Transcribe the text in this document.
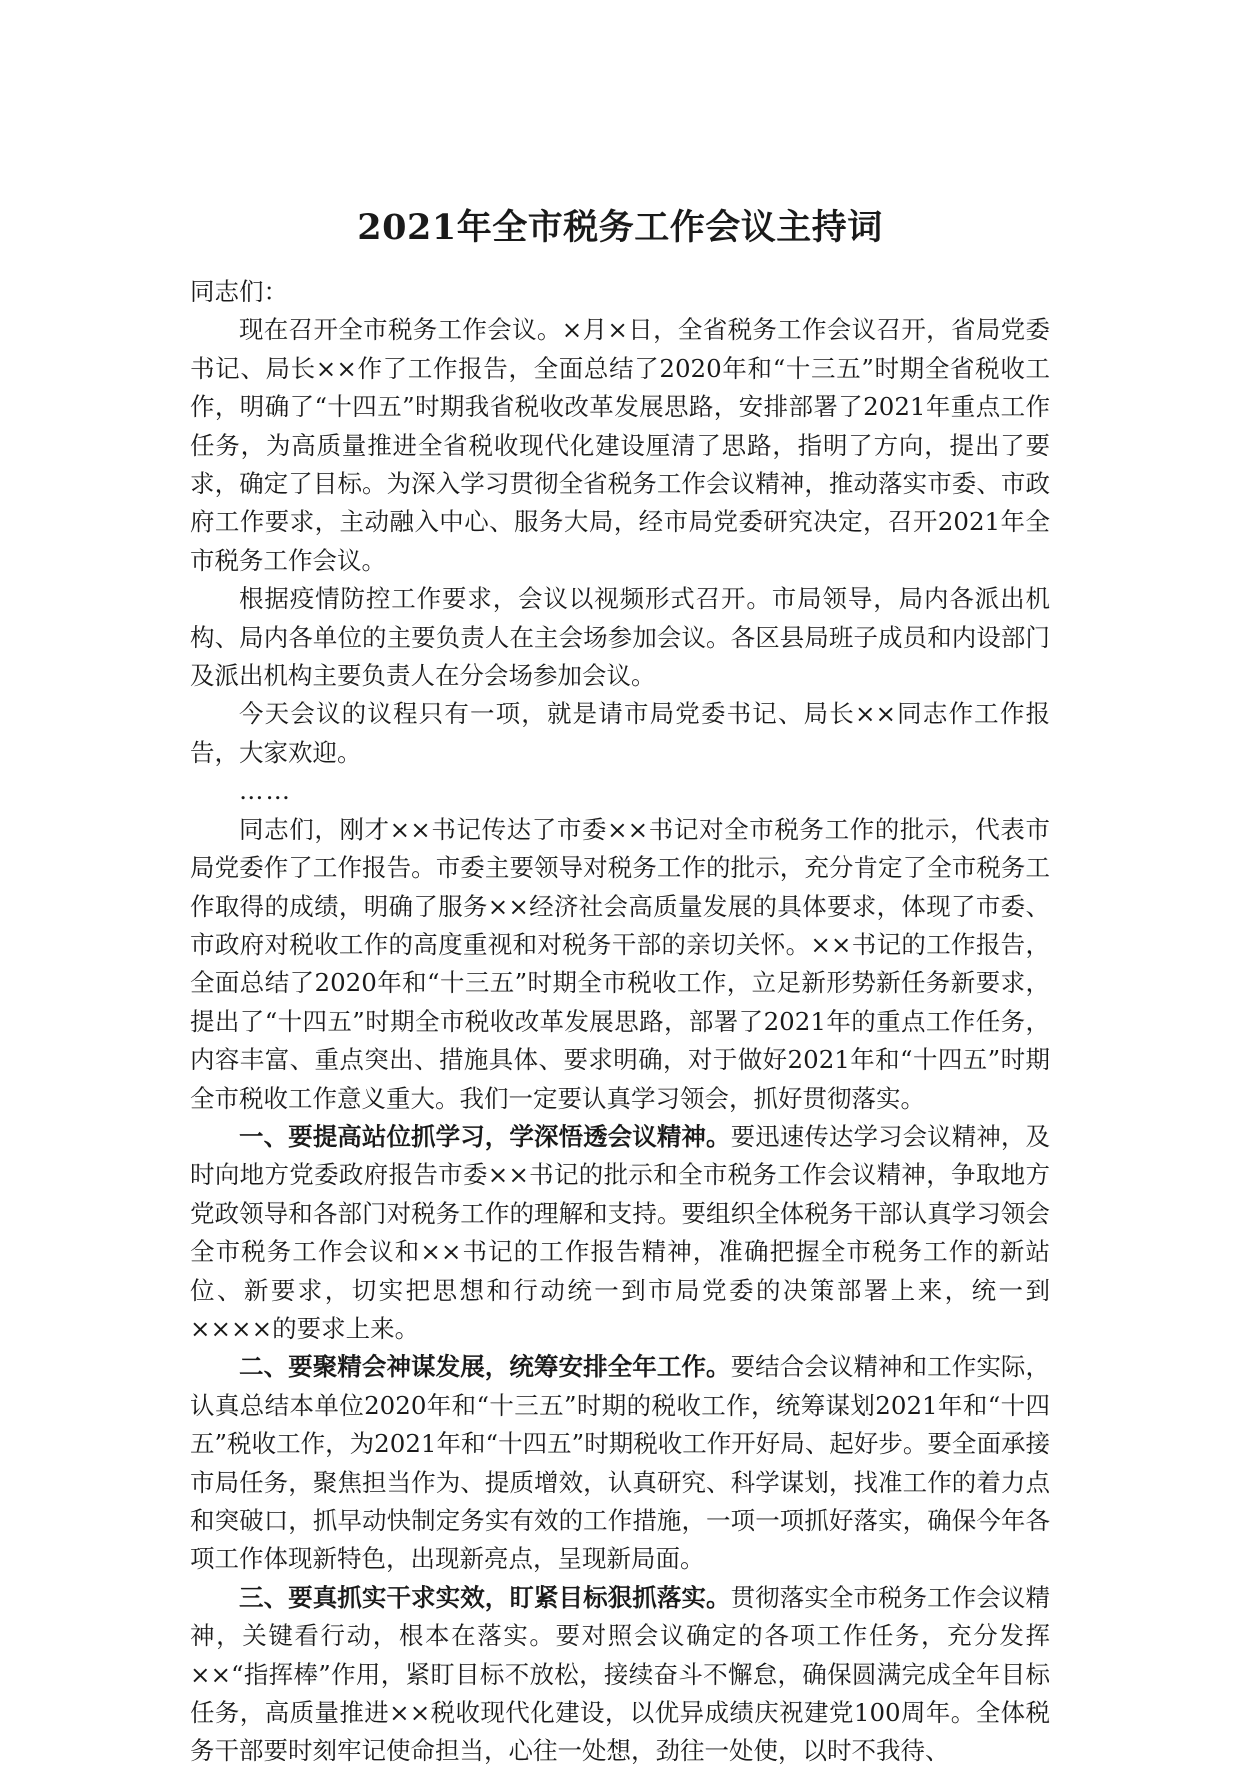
2021年全市税务工作会议主持词

同志们：

现在召开全市税务工作会议。×月×日，全省税务工作会议召开，省局党委书记、局长××作了工作报告，全面总结了2020年和“十三五”时期全省税收工作，明确了“十四五”时期我省税收改革发展思路，安排部署了2021年重点工作任务，为高质量推进全省税收现代化建设厘清了思路，指明了方向，提出了要求，确定了目标。为深入学习贯彻全省税务工作会议精神，推动落实市委、市政府工作要求，主动融入中心、服务大局，经市局党委研究决定，召开2021年全市税务工作会议。

根据疫情防控工作要求，会议以视频形式召开。市局领导，局内各派出机构、局内各单位的主要负责人在主会场参加会议。各区县局班子成员和内设部门及派出机构主要负责人在分会场参加会议。

今天会议的议程只有一项，就是请市局党委书记、局长××同志作工作报告，大家欢迎。

……

同志们，刚才××书记传达了市委××书记对全市税务工作的批示，代表市局党委作了工作报告。市委主要领导对税务工作的批示，充分肯定了全市税务工作取得的成绩，明确了服务××经济社会高质量发展的具体要求，体现了市委、市政府对税收工作的高度重视和对税务干部的亲切关怀。××书记的工作报告，全面总结了2020年和“十三五”时期全市税收工作，立足新形势新任务新要求，提出了“十四五”时期全市税收改革发展思路，部署了2021年的重点工作任务，内容丰富、重点突出、措施具体、要求明确，对于做好2021年和“十四五”时期全市税收工作意义重大。我们一定要认真学习领会，抓好贯彻落实。

一、要提高站位抓学习，学深悟透会议精神。要迅速传达学习会议精神，及时向地方党委政府报告市委××书记的批示和全市税务工作会议精神，争取地方党政领导和各部门对税务工作的理解和支持。要组织全体税务干部认真学习领会全市税务工作会议和××书记的工作报告精神，准确把握全市税务工作的新站位、新要求，切实把思想和行动统一到市局党委的决策部署上来，统一到××××的要求上来。

二、要聚精会神谋发展，统筹安排全年工作。要结合会议精神和工作实际，认真总结本单位2020年和“十三五”时期的税收工作，统筹谋划2021年和“十四五”税收工作，为2021年和“十四五”时期税收工作开好局、起好步。要全面承接市局任务，聚焦担当作为、提质增效，认真研究、科学谋划，找准工作的着力点和突破口，抓早动快制定务实有效的工作措施，一项一项抓好落实，确保今年各项工作体现新特色，出现新亮点，呈现新局面。

三、要真抓实干求实效，盯紧目标狠抓落实。贯彻落实全市税务工作会议精神，关键看行动，根本在落实。要对照会议确定的各项工作任务，充分发挥××“指挥棒”作用，紧盯目标不放松，接续奋斗不懈怠，确保圆满完成全年目标任务，高质量推进××税收现代化建设，以优异成绩庆祝建党100周年。全体税务干部要时刻牢记使命担当，心往一处想，劲往一处使，以时不我待、
